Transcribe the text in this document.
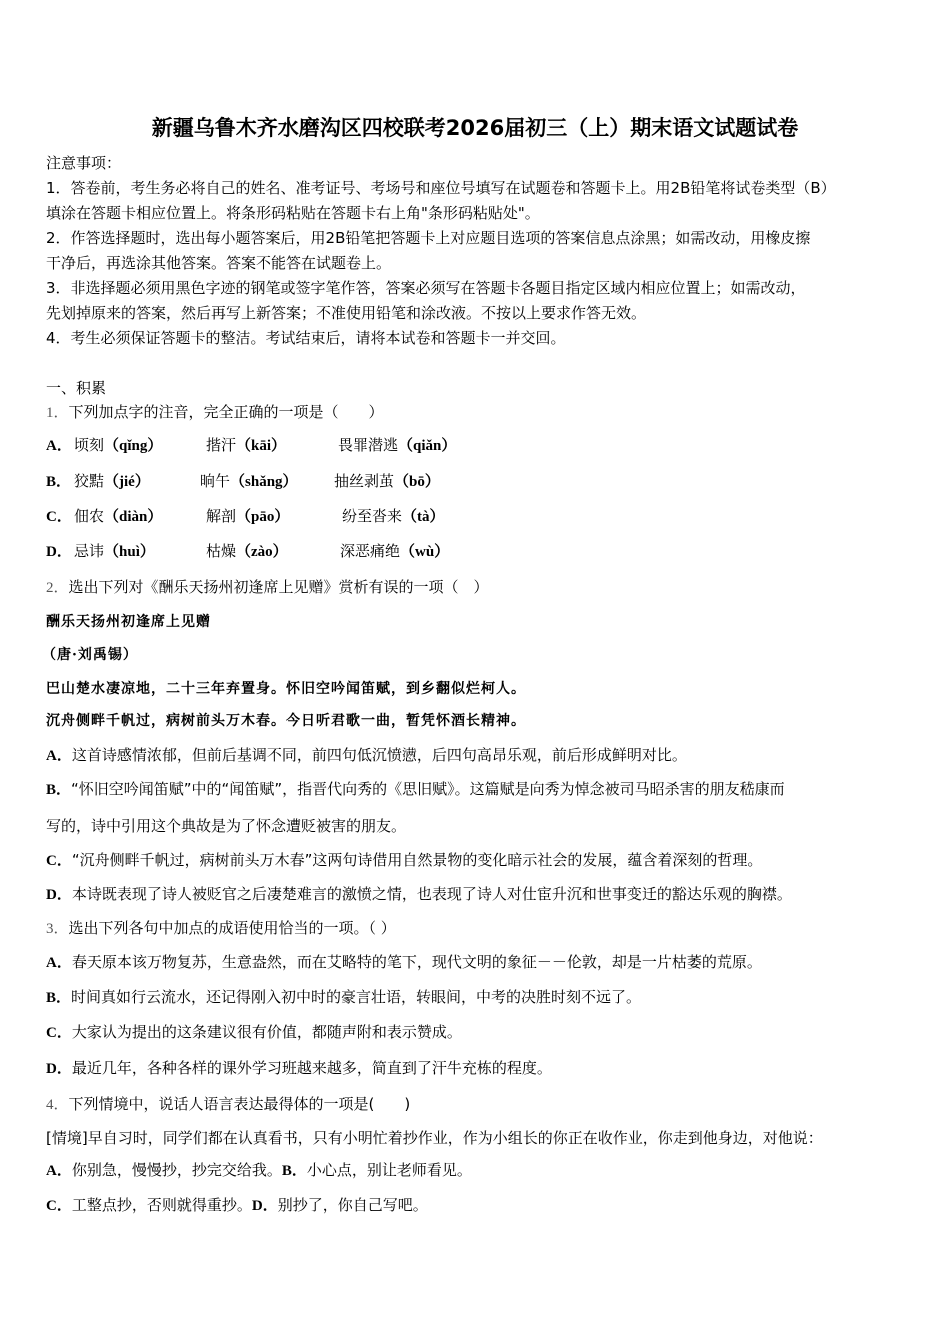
新疆乌鲁木齐水磨沟区四校联考2026届初三（上）期末语文试题试卷
注意事项：
1．答卷前，考生务必将自己的姓名、准考证号、考场号和座位号填写在试题卷和答题卡上。用2B铅笔将试卷类型（B）
填涂在答题卡相应位置上。将条形码粘贴在答题卡右上角"条形码粘贴处"。
2．作答选择题时，选出每小题答案后，用2B铅笔把答题卡上对应题目选项的答案信息点涂黑；如需改动，用橡皮擦
干净后，再选涂其他答案。答案不能答在试题卷上。
3．非选择题必须用黑色字迹的钢笔或签字笔作答，答案必须写在答题卡各题目指定区域内相应位置上；如需改动，
先划掉原来的答案，然后再写上新答案；不准使用铅笔和涂改液。不按以上要求作答无效。
4．考生必须保证答题卡的整洁。考试结束后，请将本试卷和答题卡一并交回。
一、积累
1．下列加点字的注音，完全正确的一项是（　　）
A． 顷刻（qǐng）	揩汗（kāi）	畏罪潜逃（qiǎn）
B． 狡黠（jié）	晌午（shǎng） 抽丝剥茧（bō）
C． 佃农（diàn）	解剖（pāo）	纷至沓来（tà）
D． 忌讳（huì）	枯燥（zào）	深恶痛绝（wù）
2．选出下列对《酬乐天扬州初逢席上见赠》赏析有误的一项（　）
酬乐天扬州初逢席上见赠
（唐·刘禹锡）
巴山楚水凄凉地，二十三年弃置身。怀旧空吟闻笛赋，到乡翻似烂柯人。
沉舟侧畔千帆过，病树前头万木春。今日听君歌一曲，暂凭怀酒长精神。
A．这首诗感情浓郁，但前后基调不同，前四句低沉愤懑，后四句高昂乐观，前后形成鲜明对比。
B．“怀旧空吟闻笛赋”中的“闻笛赋”，指晋代向秀的《思旧赋》。这篇赋是向秀为悼念被司马昭杀害的朋友嵇康而
写的，诗中引用这个典故是为了怀念遭贬被害的朋友。
C．“沉舟侧畔千帆过，病树前头万木春”这两句诗借用自然景物的变化暗示社会的发展，蕴含着深刻的哲理。
D．本诗既表现了诗人被贬官之后凄楚难言的激愤之情，也表现了诗人对仕宦升沉和世事变迁的豁达乐观的胸襟。
3．选出下列各句中加点的成语使用恰当的一项。（ ）
A．春天原本该万物复苏，生意盎然，而在艾略特的笔下，现代文明的象征－－伦敦，却是一片枯萎的荒原。
B．时间真如行云流水，还记得刚入初中时的豪言壮语，转眼间，中考的决胜时刻不远了。
C．大家认为提出的这条建议很有价值，都随声附和表示赞成。
D．最近几年，各种各样的课外学习班越来越多，简直到了汗牛充栋的程度。
4．下列情境中，说话人语言表达最得体的一项是(　　)
[情境]早自习时，同学们都在认真看书，只有小明忙着抄作业，作为小组长的你正在收作业，你走到他身边，对他说：
A．你别急，慢慢抄，抄完交给我。B．小心点，别让老师看见。
C．工整点抄，否则就得重抄。D．别抄了，你自己写吧。
